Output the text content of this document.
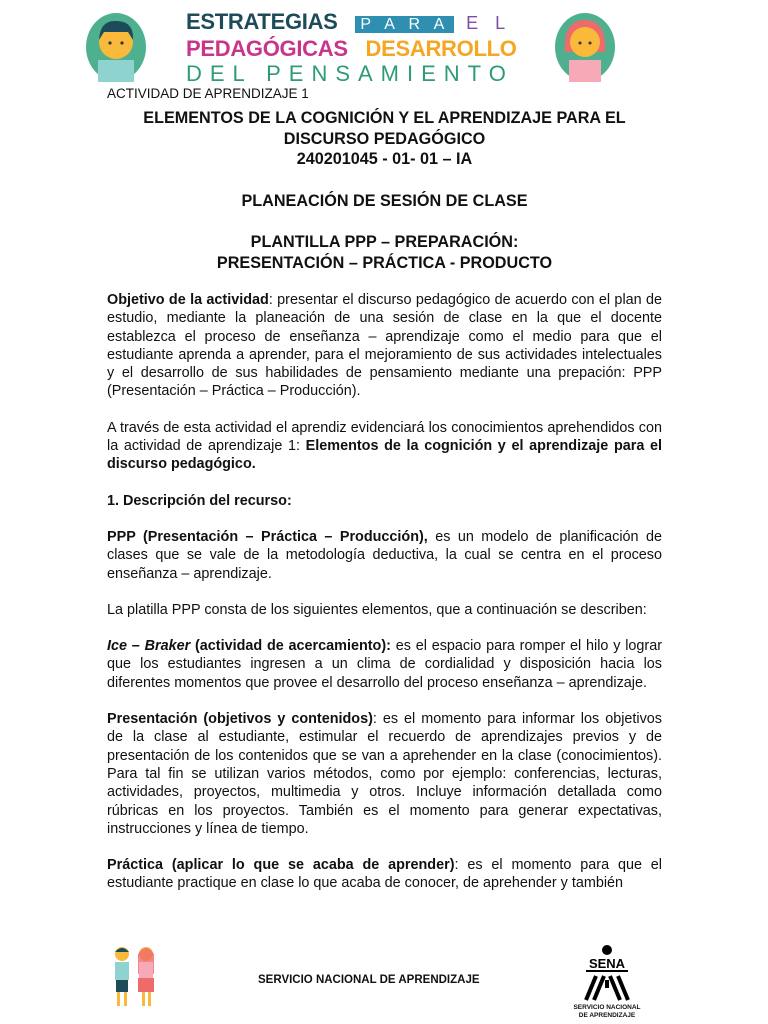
ESTRATEGIAS P A R A E L
PEDAGÓGICAS DESARROLLO
DEL PENSAMIENTO
ACTIVIDAD DE APRENDIZAJE 1
ELEMENTOS DE LA COGNICIÓN Y EL APRENDIZAJE PARA EL
DISCURSO PEDAGÓGICO
240201045 - 01- 01 – IA
PLANEACIÓN DE SESIÓN DE CLASE
PLANTILLA PPP – PREPARACIÓN:
PRESENTACIÓN – PRÁCTICA - PRODUCTO

Objetivo de la actividad: presentar el discurso pedagógico de acuerdo con el plan de estudio, mediante la planeación de una sesión de clase en la que el docente establezca el proceso de enseñanza – aprendizaje como el medio para que el estudiante aprenda a aprender, para el mejoramiento de sus actividades intelectuales y el desarrollo de sus habilidades de pensamiento mediante una prepación: PPP (Presentación – Práctica – Producción).

A través de esta actividad el aprendiz evidenciará los conocimientos aprehendidos con la actividad de aprendizaje 1: Elementos de la cognición y el aprendizaje para el discurso pedagógico.

1. Descripción del recurso:

PPP (Presentación – Práctica – Producción), es un modelo de planificación de clases que se vale de la metodología deductiva, la cual se centra en el proceso enseñanza – aprendizaje.

La platilla PPP consta de los siguientes elementos, que a continuación se describen:

Ice – Braker (actividad de acercamiento): es el espacio para romper el hilo y lograr que los estudiantes ingresen a un clima de cordialidad y disposición hacia los diferentes momentos que provee el desarrollo del proceso enseñanza – aprendizaje.

Presentación (objetivos y contenidos): es el momento para informar los objetivos de la clase al estudiante, estimular el recuerdo de aprendizajes previos y de presentación de los contenidos que se van a aprehender en la clase (conocimientos). Para tal fin se utilizan varios métodos, como por ejemplo: conferencias, lecturas, actividades, proyectos, multimedia y otros. Incluye información detallada como rúbricas en los proyectos. También es el momento para generar expectativas, instrucciones y línea de tiempo.

Práctica (aplicar lo que se acaba de aprender): es el momento para que el estudiante practique en clase lo que acaba de conocer, de aprehender y también

SERVICIO NACIONAL DE APRENDIZAJE
SENA
SERVICIO NACIONAL
DE APRENDIZAJE
